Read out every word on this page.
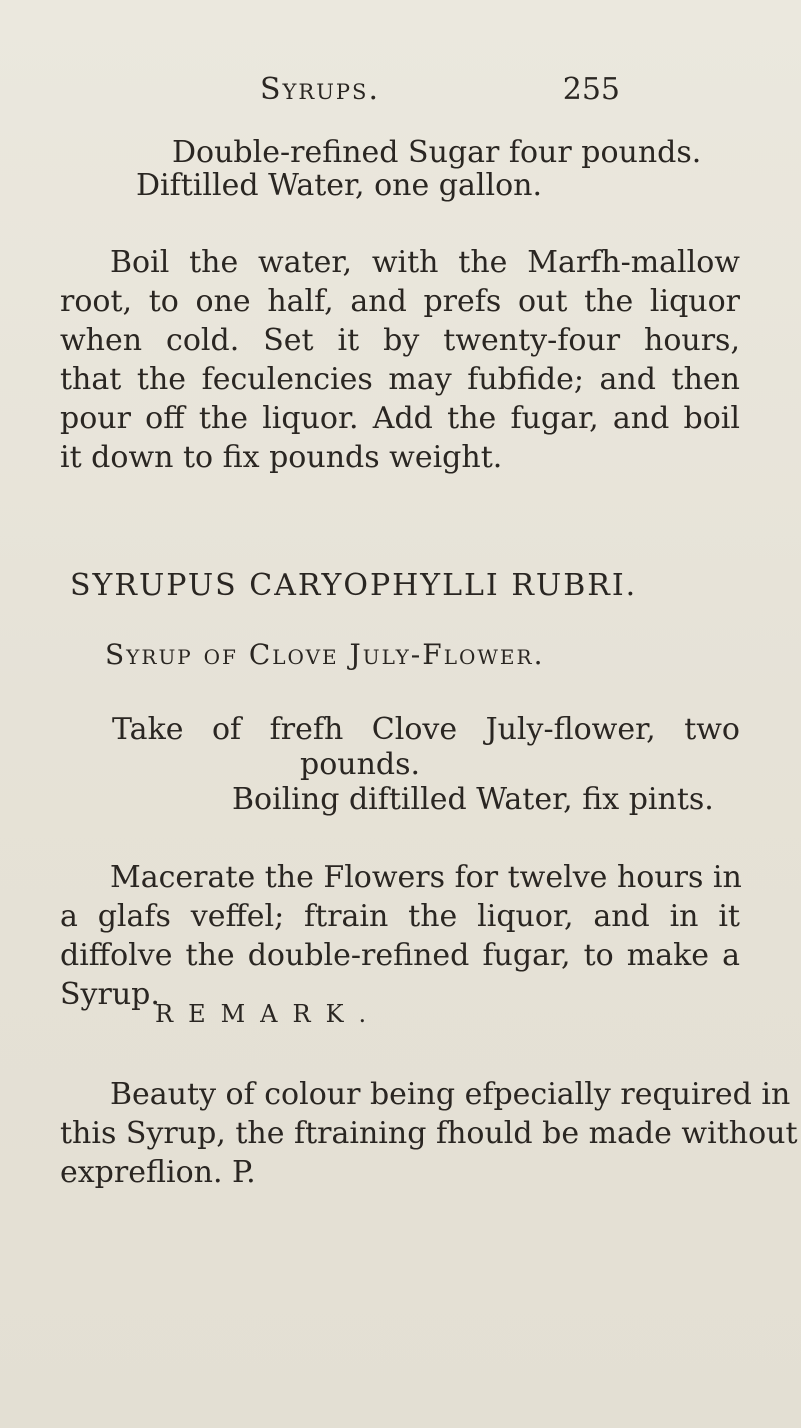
Syrups.	255
Double-refined Sugar four pounds.
Diftilled Water, one gallon.
Boil the water, with the Marfh-mallow
root, to one half, and prefs out the liquor
when cold. Set it by twenty-four hours,
that the feculencies may fubfide; and then
pour off the liquor. Add the fugar, and boil
it down to fix pounds weight.
SYRUPUS CARYOPHYLLI RUBRI.
Syrup of Clove July-Flower.
Take of frefh Clove July-flower, two
pounds.
Boiling diftilled Water, fix pints.
Macerate the Flowers for twelve hours in
a glafs veffel; ftrain the liquor, and in it
diffolve the double-refined fugar, to make a
Syrup.
REMARK.
Beauty of colour being efpecially required in
this Syrup, the ftraining fhould be made without
expreflion. P.
